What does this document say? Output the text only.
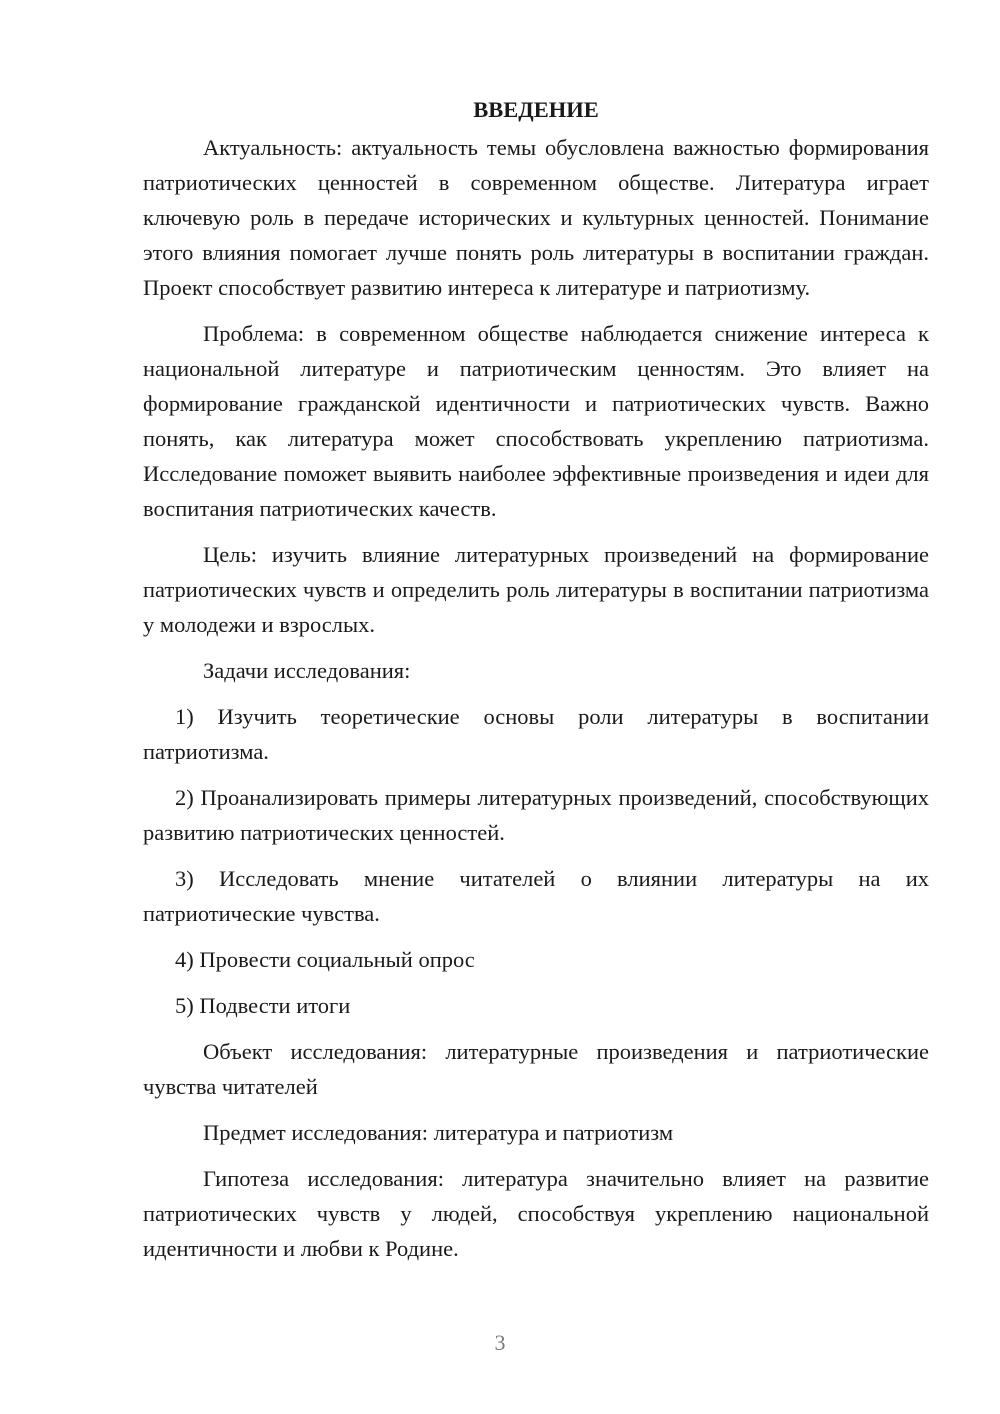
ВВЕДЕНИЕ

Актуальность: актуальность темы обусловлена важностью формирования патриотических ценностей в современном обществе. Литература играет ключевую роль в передаче исторических и культурных ценностей. Понимание этого влияния помогает лучше понять роль литературы в воспитании граждан. Проект способствует развитию интереса к литературе и патриотизму.

Проблема: в современном обществе наблюдается снижение интереса к национальной литературе и патриотическим ценностям. Это влияет на формирование гражданской идентичности и патриотических чувств. Важно понять, как литература может способствовать укреплению патриотизма. Исследование поможет выявить наиболее эффективные произведения и идеи для воспитания патриотических качеств.

Цель: изучить влияние литературных произведений на формирование патриотических чувств и определить роль литературы в воспитании патриотизма у молодежи и взрослых.

Задачи исследования:

1) Изучить теоретические основы роли литературы в воспитании патриотизма.

2) Проанализировать примеры литературных произведений, способствующих развитию патриотических ценностей.

3) Исследовать мнение читателей о влиянии литературы на их патриотические чувства.

4) Провести социальный опрос

5) Подвести итоги

Объект исследования: литературные произведения и патриотические чувства читателей

Предмет исследования: литература и патриотизм

Гипотеза исследования: литература значительно влияет на развитие патриотических чувств у людей, способствуя укреплению национальной идентичности и любви к Родине.

3
